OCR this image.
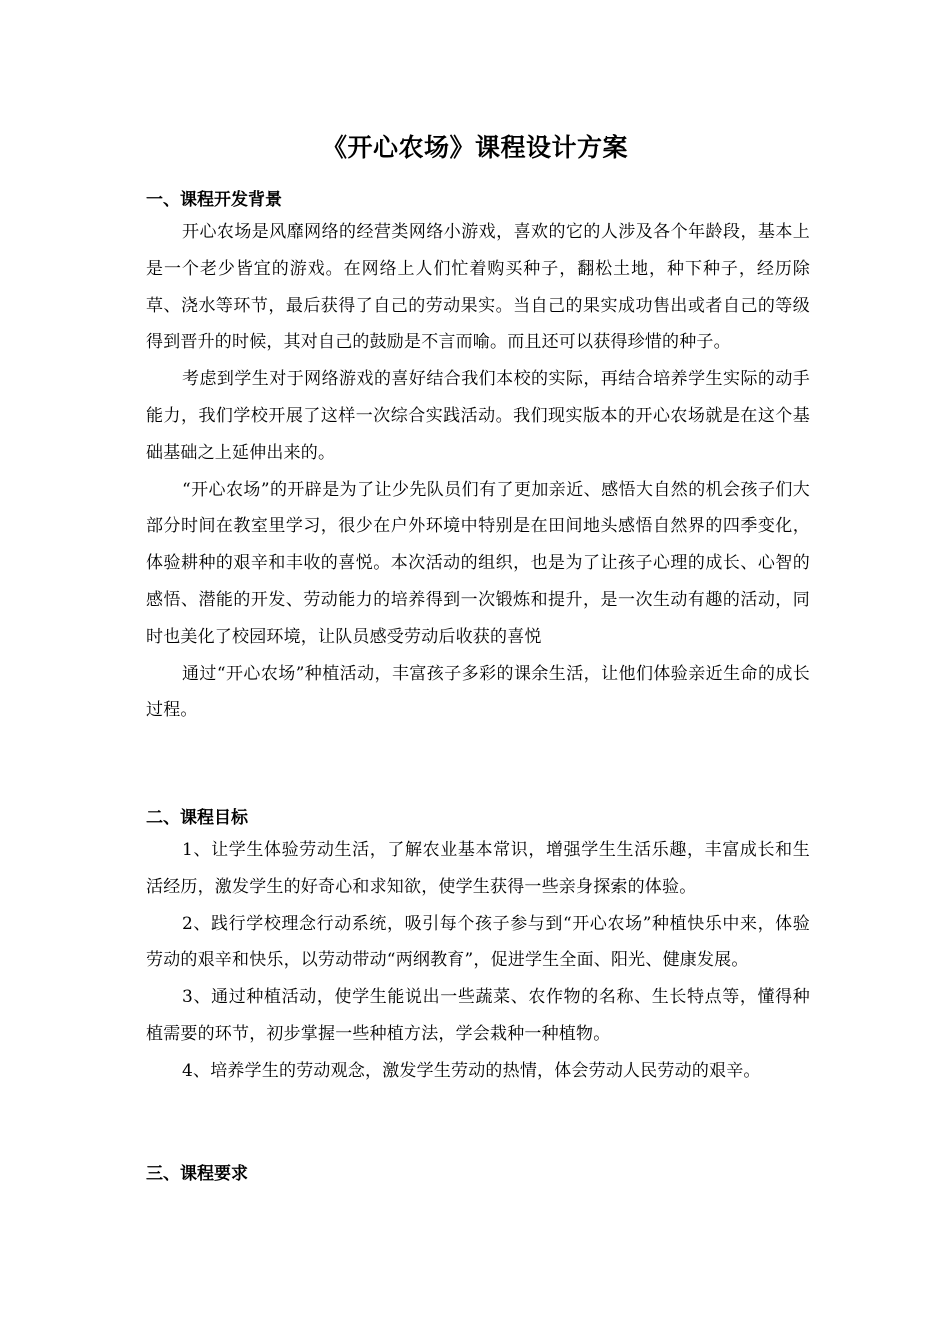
《开心农场》课程设计方案

一、课程开发背景

开心农场是风靡网络的经营类网络小游戏，喜欢的它的人涉及各个年龄段，基本上是一个老少皆宜的游戏。在网络上人们忙着购买种子，翻松土地，种下种子，经历除草、浇水等环节，最后获得了自己的劳动果实。当自己的果实成功售出或者自己的等级得到晋升的时候，其对自己的鼓励是不言而喻。而且还可以获得珍惜的种子。

考虑到学生对于网络游戏的喜好结合我们本校的实际，再结合培养学生实际的动手能力，我们学校开展了这样一次综合实践活动。我们现实版本的开心农场就是在这个基础基础之上延伸出来的。

“开心农场”的开辟是为了让少先队员们有了更加亲近、感悟大自然的机会孩子们大部分时间在教室里学习，很少在户外环境中特别是在田间地头感悟自然界的四季变化，体验耕种的艰辛和丰收的喜悦。本次活动的组织，也是为了让孩子心理的成长、心智的感悟、潜能的开发、劳动能力的培养得到一次锻炼和提升，是一次生动有趣的活动，同时也美化了校园环境，让队员感受劳动后收获的喜悦

通过“开心农场”种植活动，丰富孩子多彩的课余生活，让他们体验亲近生命的成长过程。

二、课程目标

1、让学生体验劳动生活，了解农业基本常识，增强学生生活乐趣，丰富成长和生活经历，激发学生的好奇心和求知欲，使学生获得一些亲身探索的体验。

2、践行学校理念行动系统，吸引每个孩子参与到“开心农场”种植快乐中来，体验劳动的艰辛和快乐，以劳动带动“两纲教育”，促进学生全面、阳光、健康发展。

3、通过种植活动，使学生能说出一些蔬菜、农作物的名称、生长特点等，懂得种植需要的环节，初步掌握一些种植方法，学会栽种一种植物。

4、培养学生的劳动观念，激发学生劳动的热情，体会劳动人民劳动的艰辛。

三、课程要求
